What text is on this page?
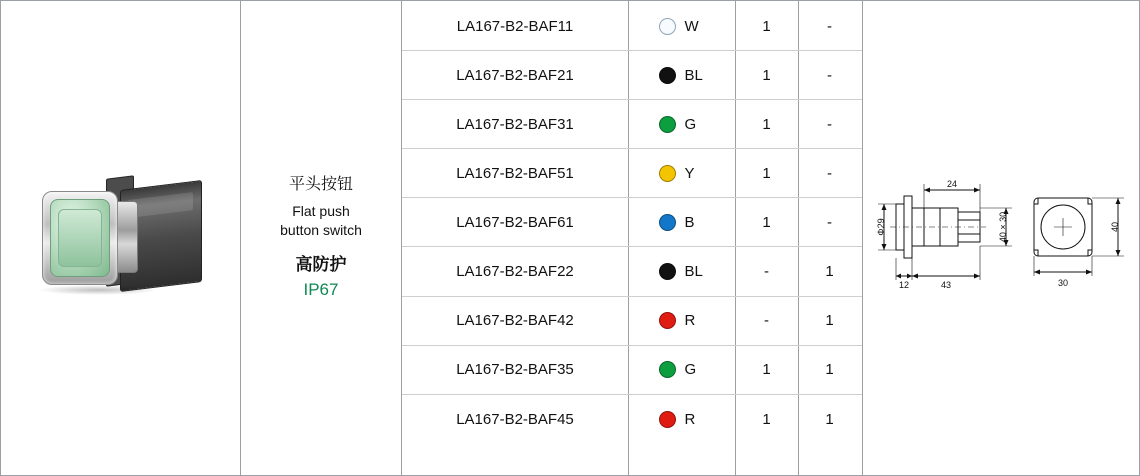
平头按钮
Flat push
button switch
高防护
IP67
LA167-B2-BAF11	W	1	-
LA167-B2-BAF21	BL	1	-
LA167-B2-BAF31	G	1	-
LA167-B2-BAF51	Y	1	-
LA167-B2-BAF61	B	1	-
LA167-B2-BAF22	BL	-	1
LA167-B2-BAF42	R	-	1
LA167-B2-BAF35	G	1	1
LA167-B2-BAF45	R	1	1
24
Φ29
12	43
40 × 30	40
30
